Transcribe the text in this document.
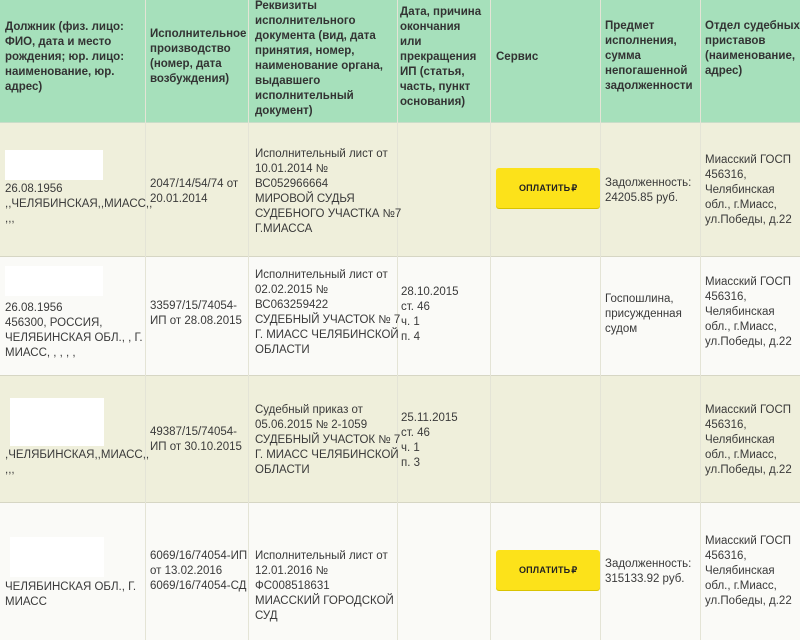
Должник (физ. лицо:
ФИО, дата и место
рождения; юр. лицо:
наименование, юр.
адрес)
Исполнительное
производство
(номер, дата
возбуждения)
Реквизиты
исполнительного
документа (вид, дата
принятия, номер,
наименование органа,
выдавшего
исполнительный
документ)
Дата, причина
окончания
или
прекращения
ИП (статья,
часть, пункт
основания)
Сервис
Предмет
исполнения,
сумма
непогашенной
задолженности
Отдел судебных
приставов
(наименование,
адрес)
26.08.1956
,,ЧЕЛЯБИНСКАЯ,,МИАСС,,
,,,
2047/14/54/74 от
20.01.2014
Исполнительный лист от
10.01.2014 №
ВС052966664
МИРОВОЙ СУДЬЯ
СУДЕБНОГО УЧАСТКА №7
Г.МИАССА
ОПЛАТИТЬ ₽ Задолженность:
24205.85 руб.
Миасский ГОСП
456316,
Челябинская
обл., г.Миасс,
ул.Победы, д.22
26.08.1956
456300, РОССИЯ,
ЧЕЛЯБИНСКАЯ ОБЛ., , Г.
МИАСС, , , , ,
33597/15/74054-
ИП от 28.08.2015
Исполнительный лист от
02.02.2015 №
ВС063259422
СУДЕБНЫЙ УЧАСТОК № 7
Г. МИАСС ЧЕЛЯБИНСКОЙ
ОБЛАСТИ
28.10.2015
ст. 46
ч. 1
п. 4
Госпошлина,
присужденная
судом
Миасский ГОСП
456316,
Челябинская
обл., г.Миасс,
ул.Победы, д.22
,ЧЕЛЯБИНСКАЯ,,МИАСС,,
,,,
49387/15/74054-
ИП от 30.10.2015
Судебный приказ от
05.06.2015 № 2-1059
СУДЕБНЫЙ УЧАСТОК № 7
Г. МИАСС ЧЕЛЯБИНСКОЙ
ОБЛАСТИ
25.11.2015
ст. 46
ч. 1
п. 3
Миасский ГОСП
456316,
Челябинская
обл., г.Миасс,
ул.Победы, д.22
ЧЕЛЯБИНСКАЯ ОБЛ., Г.
МИАСС
6069/16/74054-ИП
от 13.02.2016
6069/16/74054-СД
Исполнительный лист от
12.01.2016 №
ФС008518631
МИАССКИЙ ГОРОДСКОЙ
СУД
ОПЛАТИТЬ ₽ Задолженность:
315133.92 руб.
Миасский ГОСП
456316,
Челябинская
обл., г.Миасс,
ул.Победы, д.22
